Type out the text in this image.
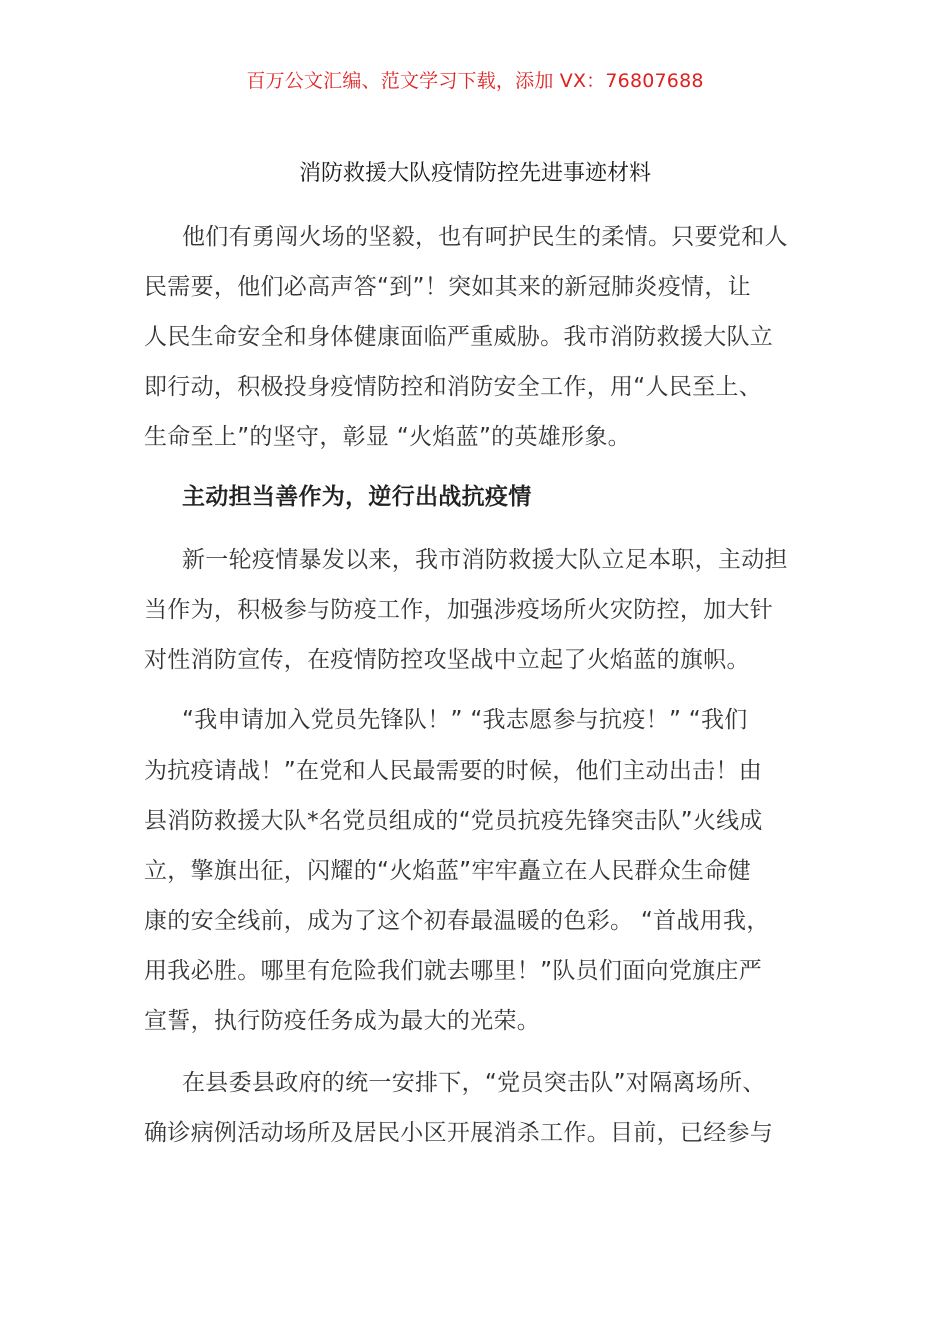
百万公文汇编、范文学习下载，添加 VX：76807688
消防救援大队疫情防控先进事迹材料
他们有勇闯火场的坚毅，也有呵护民生的柔情。只要党和人
民需要，他们必高声答“到”！突如其来的新冠肺炎疫情，让
人民生命安全和身体健康面临严重威胁。我市消防救援大队立
即行动，积极投身疫情防控和消防安全工作，用“人民至上、
生命至上”的坚守，彰显 “火焰蓝”的英雄形象。
主动担当善作为，逆行出战抗疫情
新一轮疫情暴发以来，我市消防救援大队立足本职，主动担
当作为，积极参与防疫工作，加强涉疫场所火灾防控，加大针
对性消防宣传，在疫情防控攻坚战中立起了火焰蓝的旗帜。
“我申请加入党员先锋队！” “我志愿参与抗疫！” “我们
为抗疫请战！”在党和人民最需要的时候，他们主动出击！由
县消防救援大队*名党员组成的“党员抗疫先锋突击队”火线成
立，擎旗出征，闪耀的“火焰蓝”牢牢矗立在人民群众生命健
康的安全线前，成为了这个初春最温暖的色彩。 “首战用我，
用我必胜。哪里有危险我们就去哪里！”队员们面向党旗庄严
宣誓，执行防疫任务成为最大的光荣。
在县委县政府的统一安排下，“党员突击队”对隔离场所、
确诊病例活动场所及居民小区开展消杀工作。目前，已经参与
